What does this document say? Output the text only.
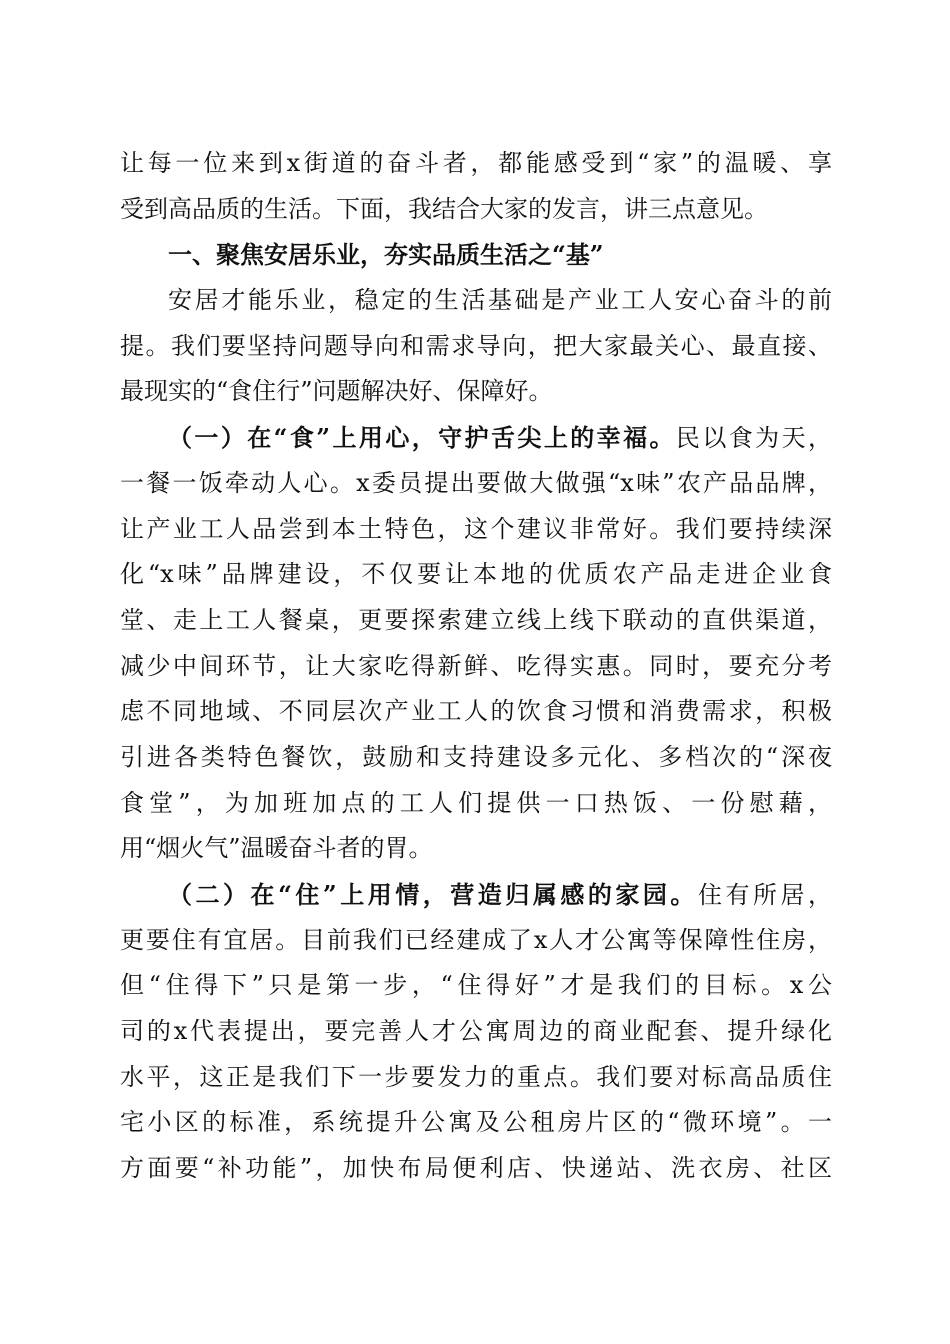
让每一位来到x街道的奋斗者，都能感受到“家”的温暖、享
受到高品质的生活。下面，我结合大家的发言，讲三点意见。
一、聚焦安居乐业，夯实品质生活之“基”
安居才能乐业，稳定的生活基础是产业工人安心奋斗的前
提。我们要坚持问题导向和需求导向，把大家最关心、最直接、
最现实的“食住行”问题解决好、保障好。
（一）在“食”上用心，守护舌尖上的幸福。民以食为天，
一餐一饭牵动人心。x委员提出要做大做强“x味”农产品品牌，
让产业工人品尝到本土特色，这个建议非常好。我们要持续深
化“x味”品牌建设，不仅要让本地的优质农产品走进企业食
堂、走上工人餐桌，更要探索建立线上线下联动的直供渠道，
减少中间环节，让大家吃得新鲜、吃得实惠。同时，要充分考
虑不同地域、不同层次产业工人的饮食习惯和消费需求，积极
引进各类特色餐饮，鼓励和支持建设多元化、多档次的“深夜
食堂”，为加班加点的工人们提供一口热饭、一份慰藉，
用“烟火气”温暖奋斗者的胃。
（二）在“住”上用情，营造归属感的家园。住有所居，
更要住有宜居。目前我们已经建成了x人才公寓等保障性住房，
但“住得下”只是第一步，“住得好”才是我们的目标。x公
司的x代表提出，要完善人才公寓周边的商业配套、提升绿化
水平，这正是我们下一步要发力的重点。我们要对标高品质住
宅小区的标准，系统提升公寓及公租房片区的“微环境”。一
方面要“补功能”，加快布局便利店、快递站、洗衣房、社区
